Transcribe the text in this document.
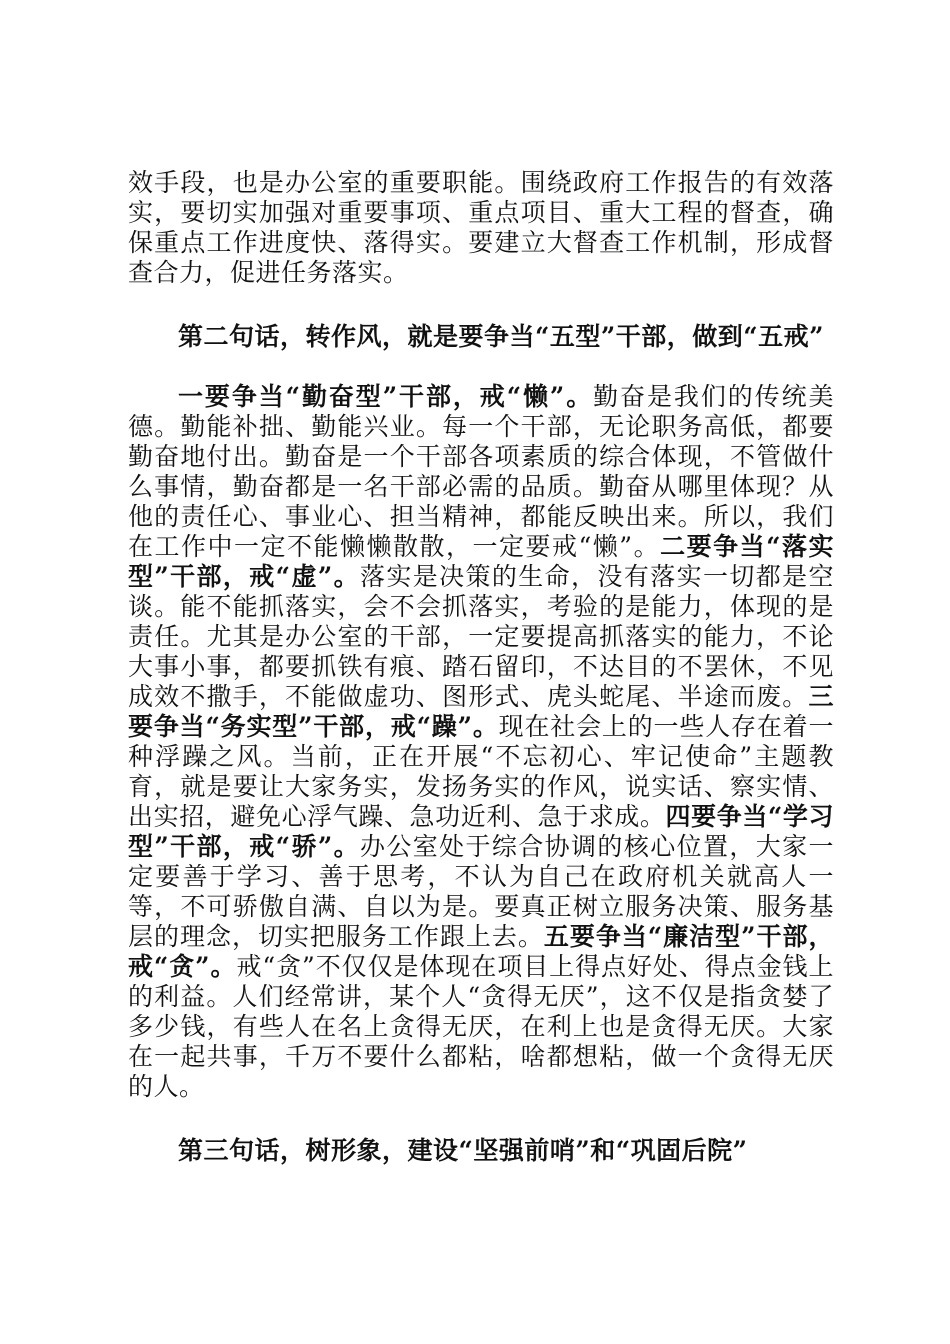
效手段，也是办公室的重要职能。围绕政府工作报告的有效落实，要切实加强对重要事项、重点项目、重大工程的督查，确保重点工作进度快、落得实。要建立大督查工作机制，形成督查合力，促进任务落实。

第二句话，转作风，就是要争当“五型”干部，做到“五戒”

一要争当“勤奋型”干部，戒“懒”。勤奋是我们的传统美德。勤能补拙、勤能兴业。每一个干部，无论职务高低，都要勤奋地付出。勤奋是一个干部各项素质的综合体现，不管做什么事情，勤奋都是一名干部必需的品质。勤奋从哪里体现？从他的责任心、事业心、担当精神，都能反映出来。所以，我们在工作中一定不能懒懒散散，一定要戒“懒”。二要争当“落实型”干部，戒“虚”。落实是决策的生命，没有落实一切都是空谈。能不能抓落实，会不会抓落实，考验的是能力，体现的是责任。尤其是办公室的干部，一定要提高抓落实的能力，不论大事小事，都要抓铁有痕、踏石留印，不达目的不罢休，不见成效不撒手，不能做虚功、图形式、虎头蛇尾、半途而废。三要争当“务实型”干部，戒“躁”。现在社会上的一些人存在着一种浮躁之风。当前，正在开展“不忘初心、牢记使命”主题教育，就是要让大家务实，发扬务实的作风，说实话、察实情、出实招，避免心浮气躁、急功近利、急于求成。四要争当“学习型”干部，戒“骄”。办公室处于综合协调的核心位置，大家一定要善于学习、善于思考，不认为自己在政府机关就高人一等，不可骄傲自满、自以为是。要真正树立服务决策、服务基层的理念，切实把服务工作跟上去。五要争当“廉洁型”干部，戒“贪”。戒“贪”不仅仅是体现在项目上得点好处、得点金钱上的利益。人们经常讲，某个人“贪得无厌”，这不仅是指贪婪了多少钱，有些人在名上贪得无厌，在利上也是贪得无厌。大家在一起共事，千万不要什么都粘，啥都想粘，做一个贪得无厌的人。

第三句话，树形象，建设“坚强前哨”和“巩固后院”
